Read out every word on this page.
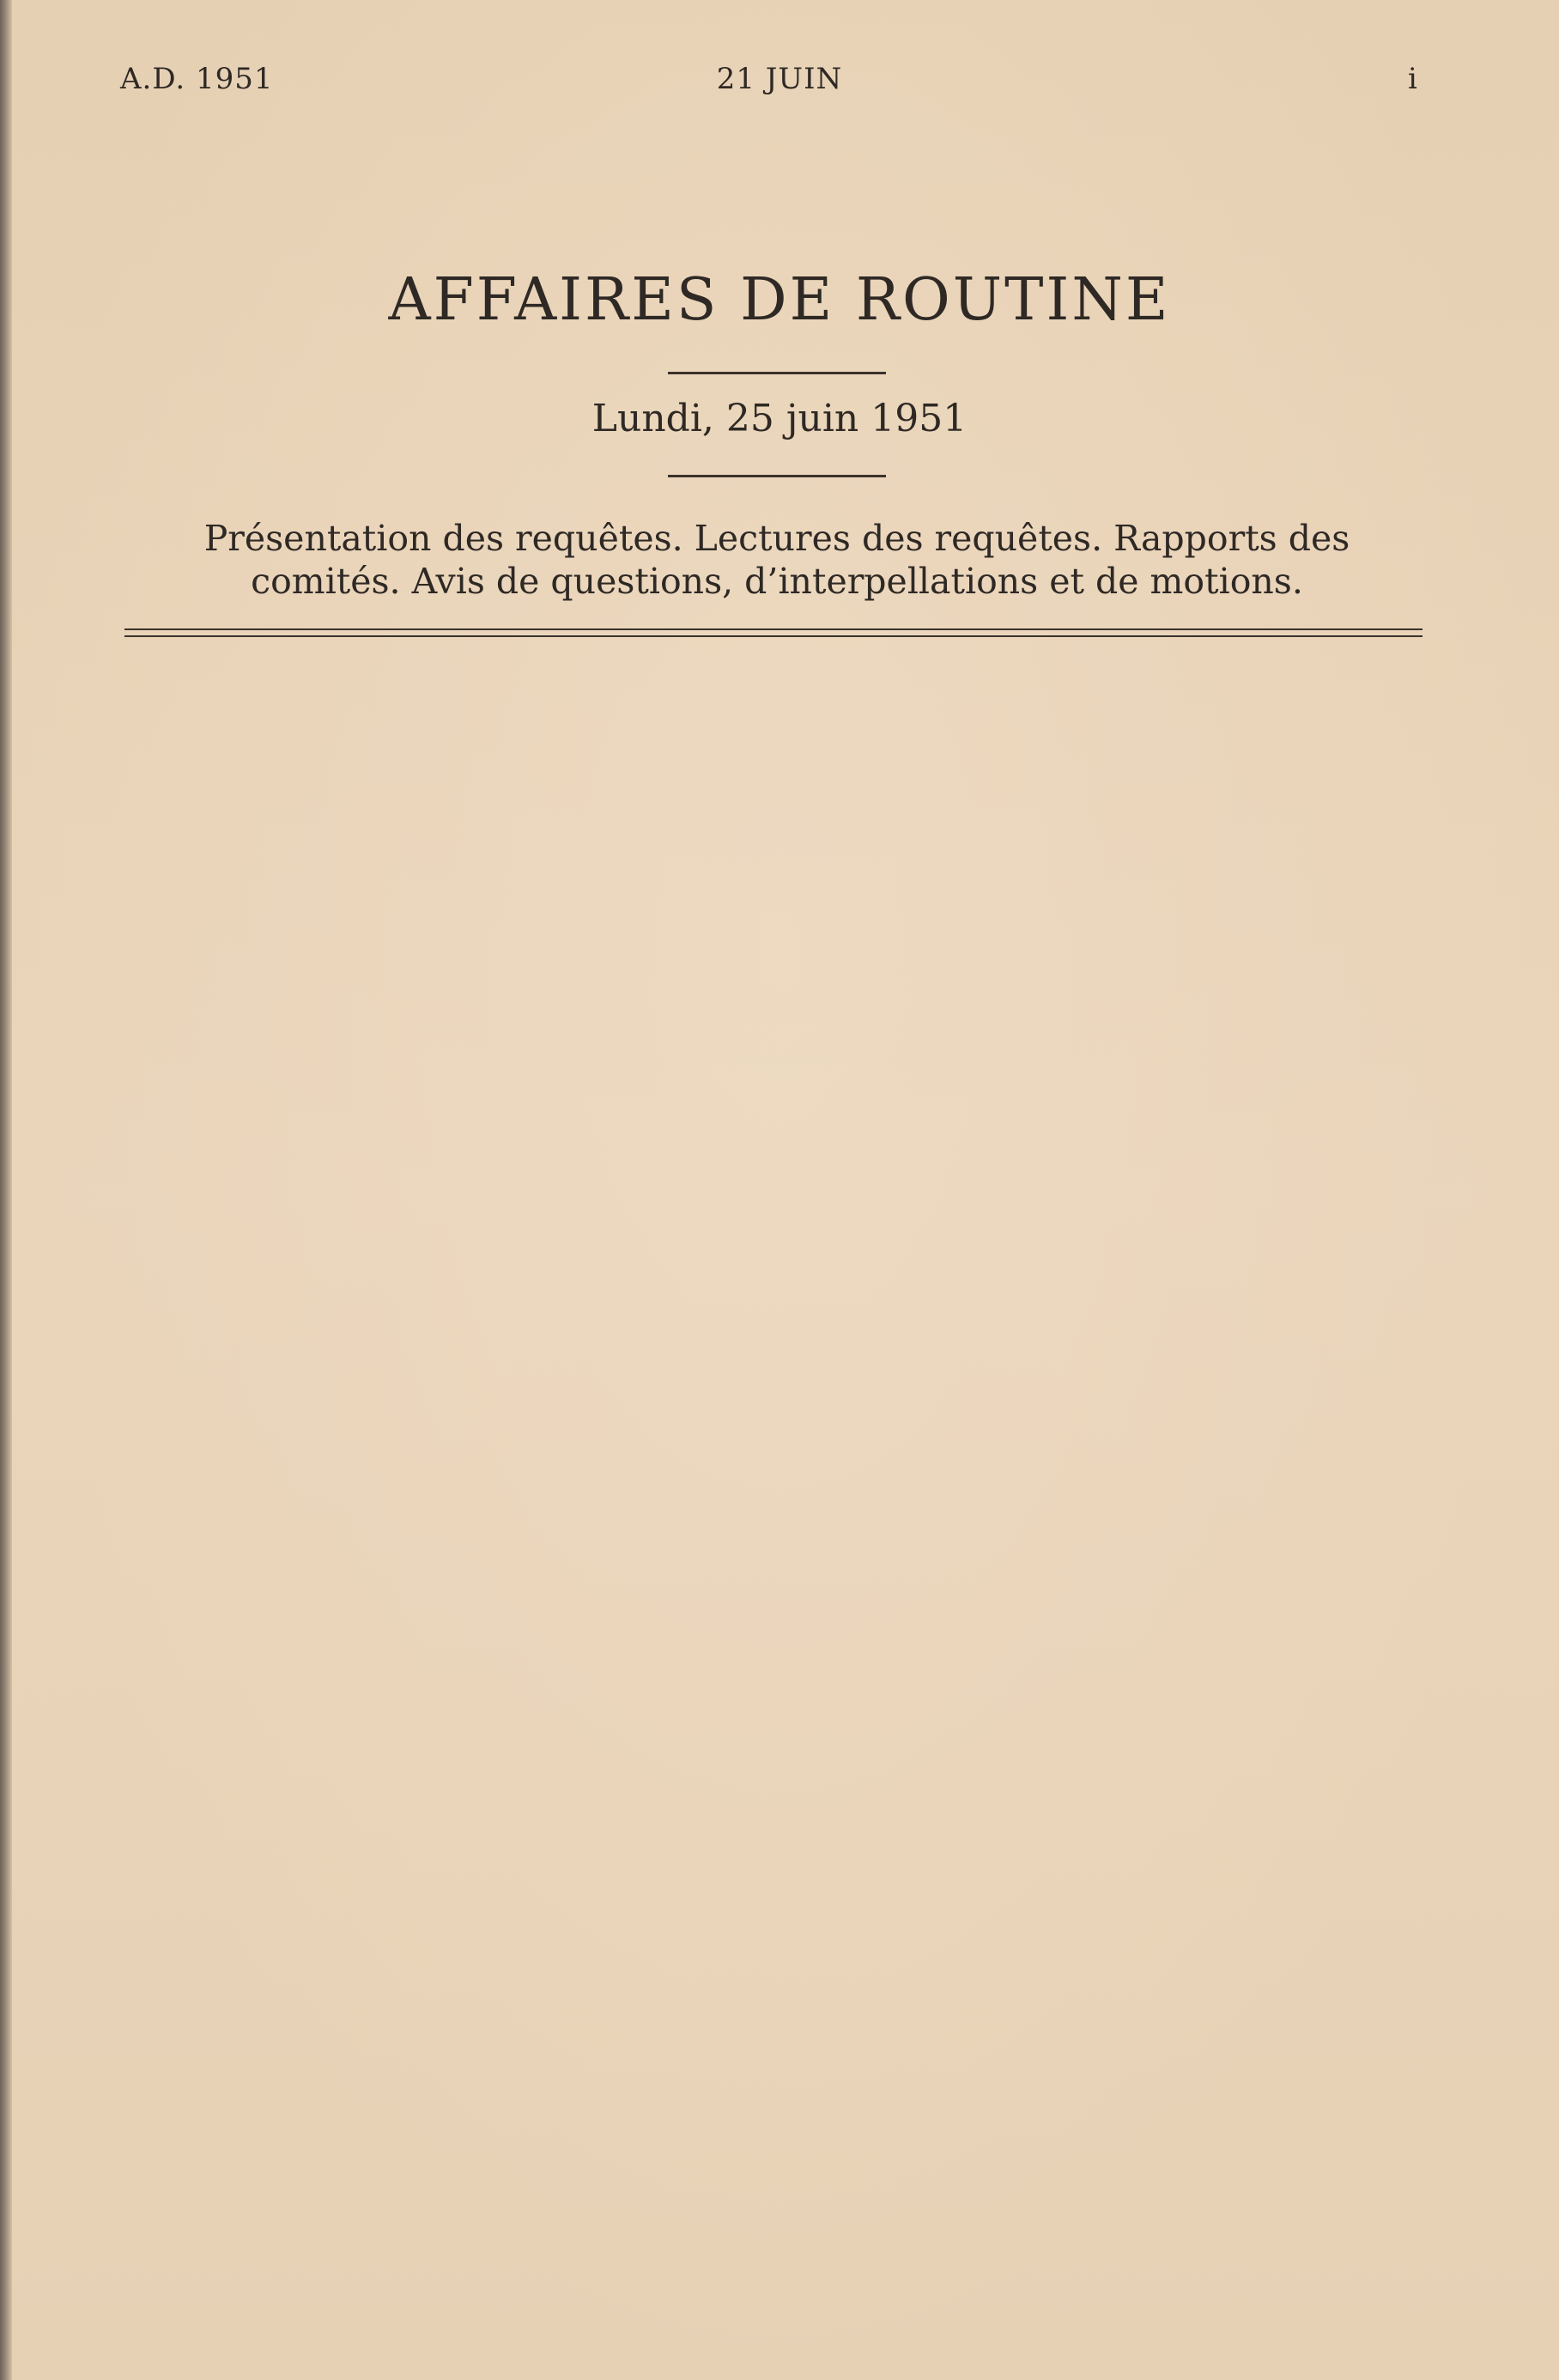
A.D. 1951	21 JUIN	i
AFFAIRES DE ROUTINE
Lundi, 25 juin 1951

Présentation des requêtes. Lectures des requêtes. Rapports des comités. Avis de questions, d’interpellations et de motions.
